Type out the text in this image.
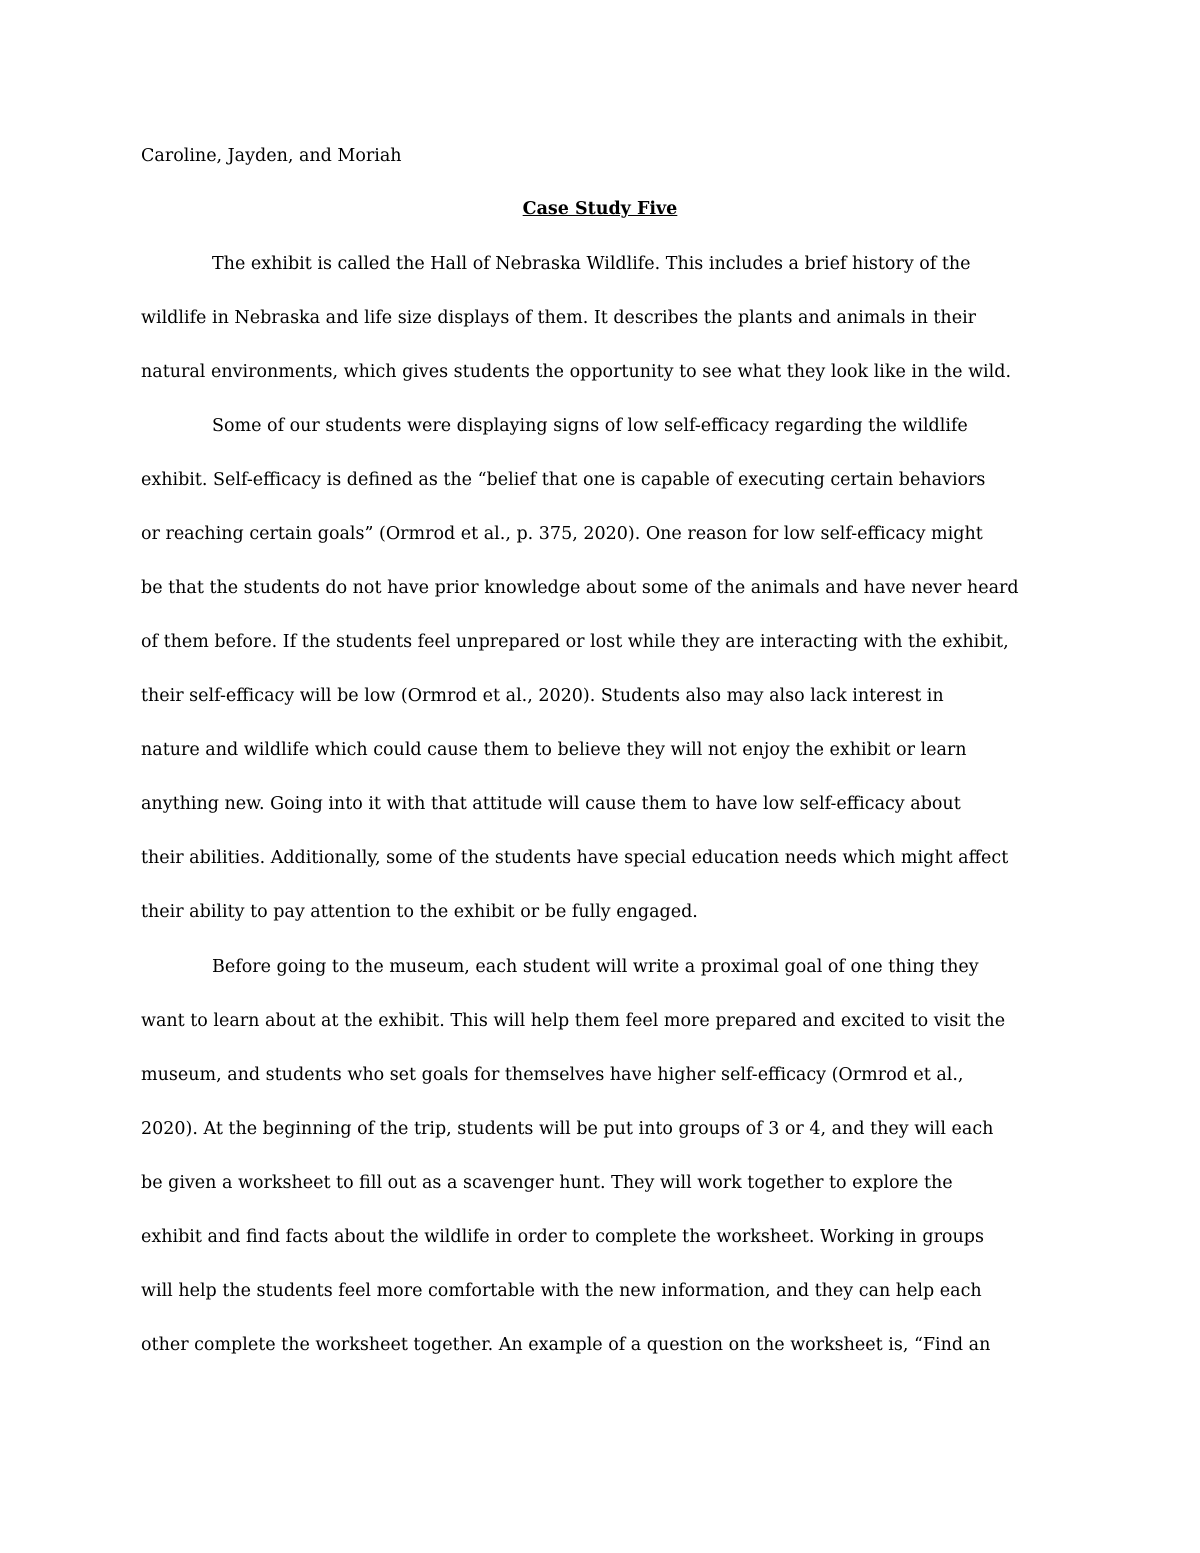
Caroline, Jayden, and Moriah
Case Study Five
The exhibit is called the Hall of Nebraska Wildlife. This includes a brief history of the
wildlife in Nebraska and life size displays of them. It describes the plants and animals in their
natural environments, which gives students the opportunity to see what they look like in the wild.
Some of our students were displaying signs of low self-efficacy regarding the wildlife
exhibit. Self-efficacy is defined as the “belief that one is capable of executing certain behaviors
or reaching certain goals” (Ormrod et al., p. 375, 2020). One reason for low self-efficacy might
be that the students do not have prior knowledge about some of the animals and have never heard
of them before. If the students feel unprepared or lost while they are interacting with the exhibit,
their self-efficacy will be low (Ormrod et al., 2020). Students also may also lack interest in
nature and wildlife which could cause them to believe they will not enjoy the exhibit or learn
anything new. Going into it with that attitude will cause them to have low self-efficacy about
their abilities. Additionally, some of the students have special education needs which might affect
their ability to pay attention to the exhibit or be fully engaged.
Before going to the museum, each student will write a proximal goal of one thing they
want to learn about at the exhibit. This will help them feel more prepared and excited to visit the
museum, and students who set goals for themselves have higher self-efficacy (Ormrod et al.,
2020). At the beginning of the trip, students will be put into groups of 3 or 4, and they will each
be given a worksheet to fill out as a scavenger hunt. They will work together to explore the
exhibit and find facts about the wildlife in order to complete the worksheet. Working in groups
will help the students feel more comfortable with the new information, and they can help each
other complete the worksheet together. An example of a question on the worksheet is, “Find an
